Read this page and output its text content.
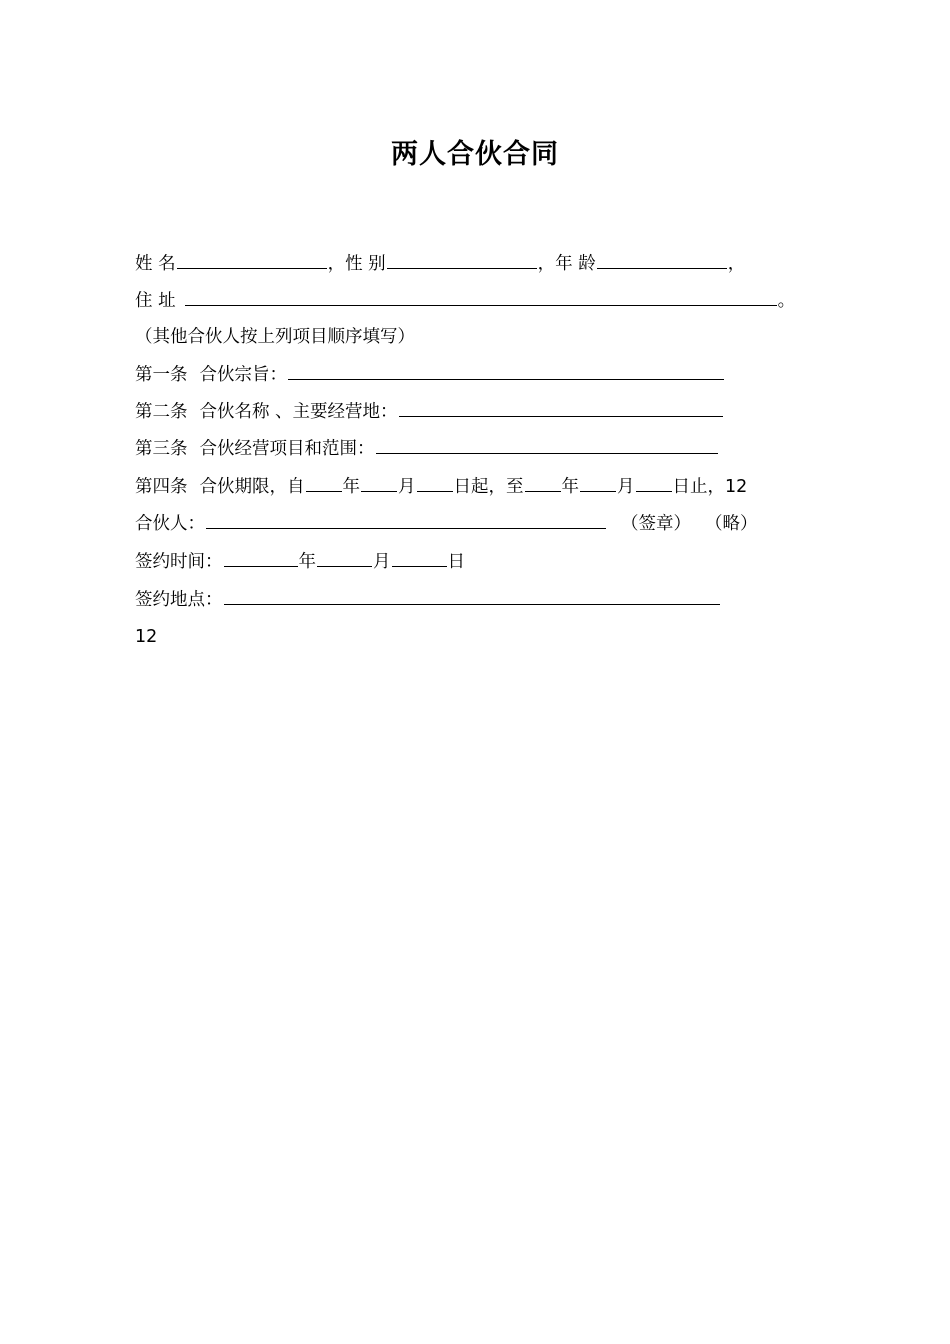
两人合伙合同
姓 名	，性 别	，年 龄	，
住 址	。
（其他合伙人按上列项目顺序填写）
第一条 合伙宗旨：
第二条 合伙名称 、主要经营地：
第三条 合伙经营项目和范围：
第四条 合伙期限，自 年 月 日起，至 年 月 日止，12
合伙人：	（签章） （略）
签约时间：	年	月	日
签约地点：
12
